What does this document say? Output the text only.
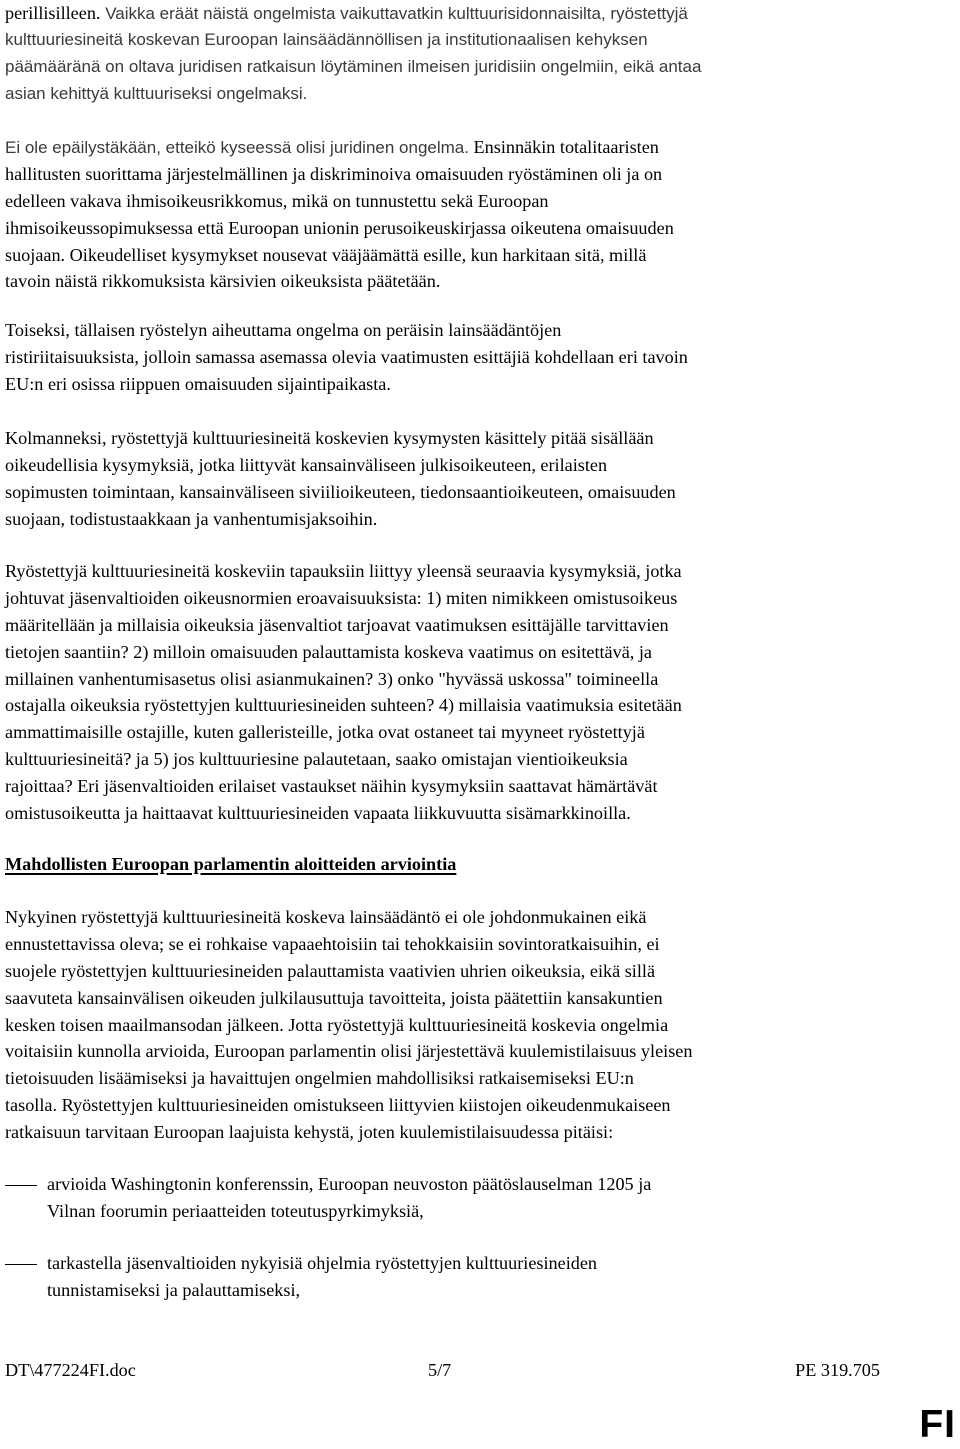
perillisilleen. Vaikka eräät näistä ongelmista vaikuttavatkin kulttuurisidonnaisilta, ryöstettyjä
kulttuuriesineitä koskevan Euroopan lainsäädännöllisen ja institutionaalisen kehyksen
päämääränä on oltava juridisen ratkaisun löytäminen ilmeisen juridisiin ongelmiin, eikä antaa
asian kehittyä kulttuuriseksi ongelmaksi.
Ei ole epäilystäkään, etteikö kyseessä olisi juridinen ongelma. Ensinnäkin totalitaaristen
hallitusten suorittama järjestelmällinen ja diskriminoiva omaisuuden ryöstäminen oli ja on
edelleen vakava ihmisoikeusrikkomus, mikä on tunnustettu sekä Euroopan
ihmisoikeussopimuksessa että Euroopan unionin perusoikeuskirjassa oikeutena omaisuuden
suojaan. Oikeudelliset kysymykset nousevat vääjäämättä esille, kun harkitaan sitä, millä
tavoin näistä rikkomuksista kärsivien oikeuksista päätetään.
Toiseksi, tällaisen ryöstelyn aiheuttama ongelma on peräisin lainsäädäntöjen
ristiriitaisuuksista, jolloin samassa asemassa olevia vaatimusten esittäjiä kohdellaan eri tavoin
EU:n eri osissa riippuen omaisuuden sijaintipaikasta.
Kolmanneksi, ryöstettyjä kulttuuriesineitä koskevien kysymysten käsittely pitää sisällään
oikeudellisia kysymyksiä, jotka liittyvät kansainväliseen julkisoikeuteen, erilaisten
sopimusten toimintaan, kansainväliseen siviilioikeuteen, tiedonsaantioikeuteen, omaisuuden
suojaan, todistustaakkaan ja vanhentumisjaksoihin.
Ryöstettyjä kulttuuriesineitä koskeviin tapauksiin liittyy yleensä seuraavia kysymyksiä, jotka
johtuvat jäsenvaltioiden oikeusnormien eroavaisuuksista: 1) miten nimikkeen omistusoikeus
määritellään ja millaisia oikeuksia jäsenvaltiot tarjoavat vaatimuksen esittäjälle tarvittavien
tietojen saantiin? 2) milloin omaisuuden palauttamista koskeva vaatimus on esitettävä, ja
millainen vanhentumisasetus olisi asianmukainen? 3) onko "hyvässä uskossa" toimineella
ostajalla oikeuksia ryöstettyjen kulttuuriesineiden suhteen? 4) millaisia vaatimuksia esitetään
ammattimaisille ostajille, kuten galleristeille, jotka ovat ostaneet tai myyneet ryöstettyjä
kulttuuriesineitä? ja 5) jos kulttuuriesine palautetaan, saako omistajan vientioikeuksia
rajoittaa? Eri jäsenvaltioiden erilaiset vastaukset näihin kysymyksiin saattavat hämärtävät
omistusoikeutta ja haittaavat kulttuuriesineiden vapaata liikkuvuutta sisämarkkinoilla.
Mahdollisten Euroopan parlamentin aloitteiden arviointia
Nykyinen ryöstettyjä kulttuuriesineitä koskeva lainsäädäntö ei ole johdonmukainen eikä
ennustettavissa oleva; se ei rohkaise vapaaehtoisiin tai tehokkaisiin sovintoratkaisuihin, ei
suojele ryöstettyjen kulttuuriesineiden palauttamista vaativien uhrien oikeuksia, eikä sillä
saavuteta kansainvälisen oikeuden julkilausuttuja tavoitteita, joista päätettiin kansakuntien
kesken toisen maailmansodan jälkeen. Jotta ryöstettyjä kulttuuriesineitä koskevia ongelmia
voitaisiin kunnolla arvioida, Euroopan parlamentin olisi järjestettävä kuulemistilaisuus yleisen
tietoisuuden lisäämiseksi ja havaittujen ongelmien mahdollisiksi ratkaisemiseksi EU:n
tasolla. Ryöstettyjen kulttuuriesineiden omistukseen liittyvien kiistojen oikeudenmukaiseen
ratkaisuun tarvitaan Euroopan laajuista kehystä, joten kuulemistilaisuudessa pitäisi:
arvioida Washingtonin konferenssin, Euroopan neuvoston päätöslauselman 1205 ja
Vilnan foorumin periaatteiden toteutuspyrkimyksiä,
tarkastella jäsenvaltioiden nykyisiä ohjelmia ryöstettyjen kulttuuriesineiden
tunnistamiseksi ja palauttamiseksi,
DT\477224FI.doc	5/7	PE 319.705
FI
